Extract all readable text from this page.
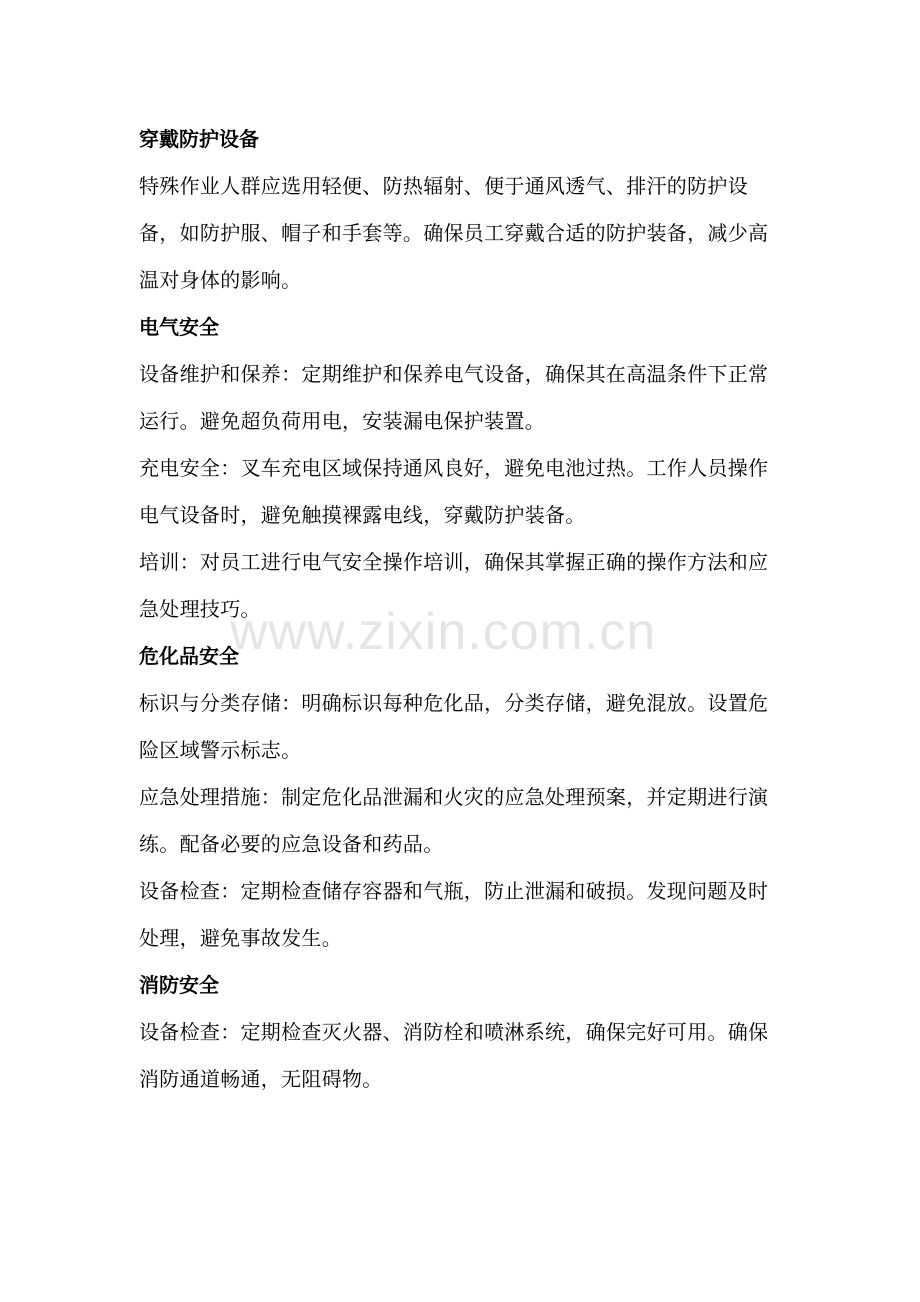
穿戴防护设备

特殊作业人群应选用轻便、防热辐射、便于通风透气、排汗的防护设备，如防护服、帽子和手套等。确保员工穿戴合适的防护装备，减少高温对身体的影响。

电气安全

设备维护和保养：定期维护和保养电气设备，确保其在高温条件下正常运行。避免超负荷用电，安装漏电保护装置。

充电安全：叉车充电区域保持通风良好，避免电池过热。工作人员操作电气设备时，避免触摸裸露电线，穿戴防护装备。

培训：对员工进行电气安全操作培训，确保其掌握正确的操作方法和应急处理技巧。

危化品安全

标识与分类存储：明确标识每种危化品，分类存储，避免混放。设置危险区域警示标志。

应急处理措施：制定危化品泄漏和火灾的应急处理预案，并定期进行演练。配备必要的应急设备和药品。

设备检查：定期检查储存容器和气瓶，防止泄漏和破损。发现问题及时处理，避免事故发生。

消防安全

设备检查：定期检查灭火器、消防栓和喷淋系统，确保完好可用。确保消防通道畅通，无阻碍物。

www.zixin.com.cn
